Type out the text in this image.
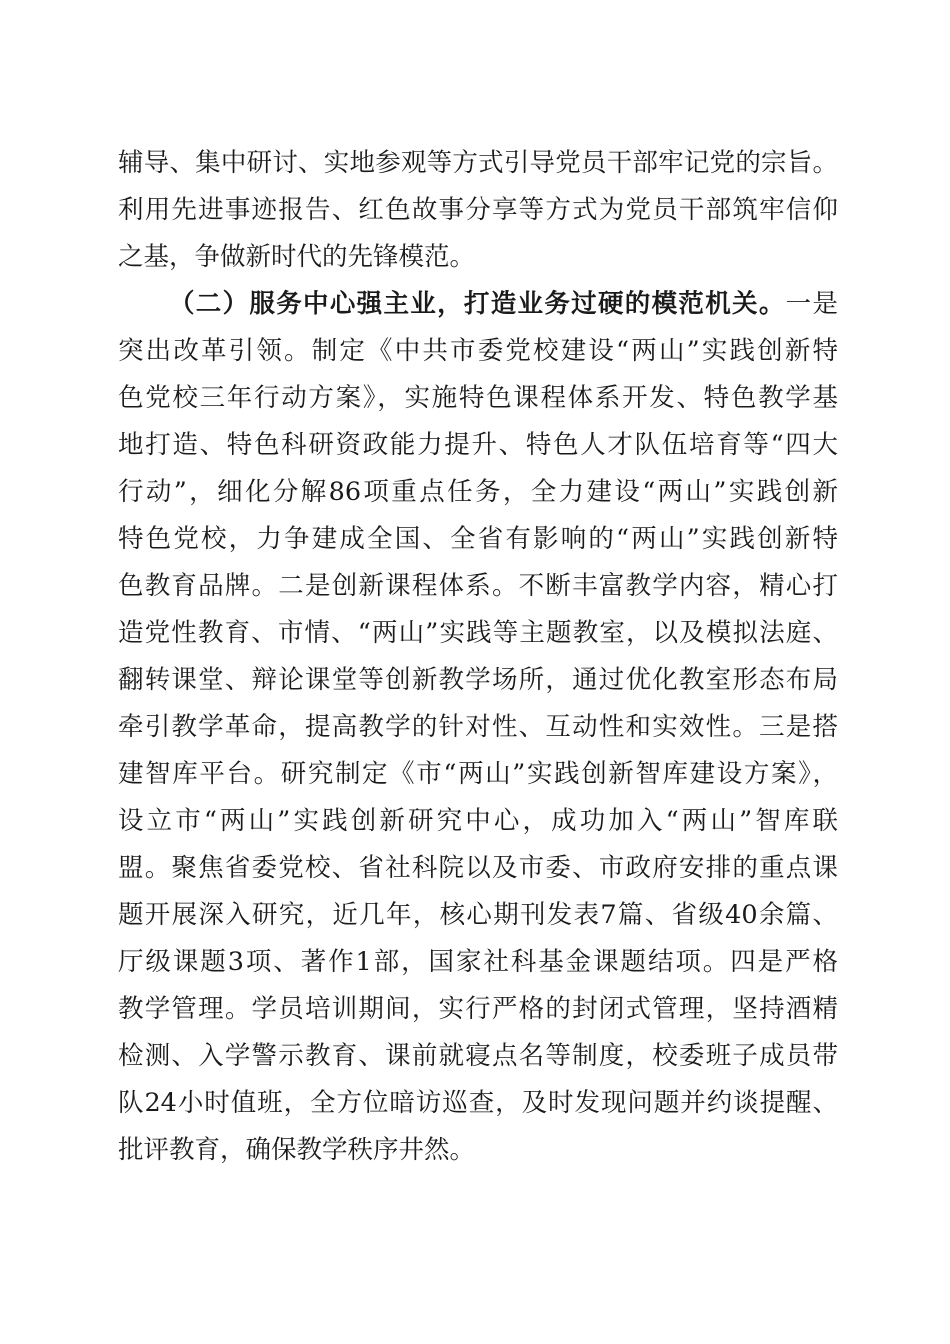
辅导、集中研讨、实地参观等方式引导党员干部牢记党的宗旨。
利用先进事迹报告、红色故事分享等方式为党员干部筑牢信仰
之基，争做新时代的先锋模范。
（二）服务中心强主业，打造业务过硬的模范机关。一是
突出改革引领。制定《中共市委党校建设“两山”实践创新特
色党校三年行动方案》，实施特色课程体系开发、特色教学基
地打造、特色科研资政能力提升、特色人才队伍培育等“四大
行动”，细化分解86项重点任务，全力建设“两山”实践创新
特色党校，力争建成全国、全省有影响的“两山”实践创新特
色教育品牌。二是创新课程体系。不断丰富教学内容，精心打
造党性教育、市情、“两山”实践等主题教室，以及模拟法庭、
翻转课堂、辩论课堂等创新教学场所，通过优化教室形态布局
牵引教学革命，提高教学的针对性、互动性和实效性。三是搭
建智库平台。研究制定《市“两山”实践创新智库建设方案》，
设立市“两山”实践创新研究中心，成功加入“两山”智库联
盟。聚焦省委党校、省社科院以及市委、市政府安排的重点课
题开展深入研究，近几年，核心期刊发表7篇、省级40余篇、
厅级课题3项、著作1部，国家社科基金课题结项。四是严格
教学管理。学员培训期间，实行严格的封闭式管理，坚持酒精
检测、入学警示教育、课前就寝点名等制度，校委班子成员带
队24小时值班，全方位暗访巡查，及时发现问题并约谈提醒、
批评教育，确保教学秩序井然。
